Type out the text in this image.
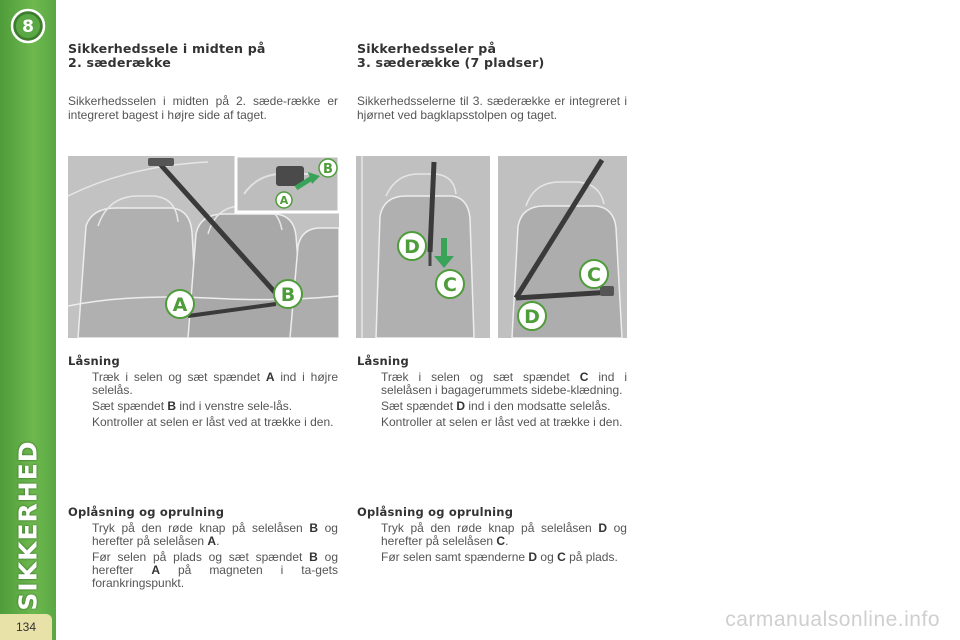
8
SIKKERHED
134
Sikkerhedssele i midten på
2. sæderække

Sikkerhedsselen i midten på 2. sæde-række er integreret bagest i højre side af taget.

Sikkerhedsseler på
3. sæderække (7 pladser)

Sikkerhedsselerne til 3. sæderække er integreret i hjørnet ved bagklapsstolpen og taget.

B
A
A	B
D
C	C
D
Låsning
Træk i selen og sæt spændet A ind i højre selelås.
Sæt spændet B ind i venstre sele-lås.
Kontroller at selen er låst ved at trække i den.
Låsning
Træk i selen og sæt spændet C ind i selelåsen i bagagerummets sidebe-klædning.
Sæt spændet D ind i den modsatte selelås.
Kontroller at selen er låst ved at trække i den.
Oplåsning og oprulning
Tryk på den røde knap på selelåsen B og herefter på selelåsen A.
Før selen på plads og sæt spændet B og herefter A på magneten i ta-gets forankringspunkt.
Oplåsning og oprulning
Tryk på den røde knap på selelåsen D og herefter på selelåsen C.
Før selen samt spænderne D og C på plads.
carmanualsonline.info
